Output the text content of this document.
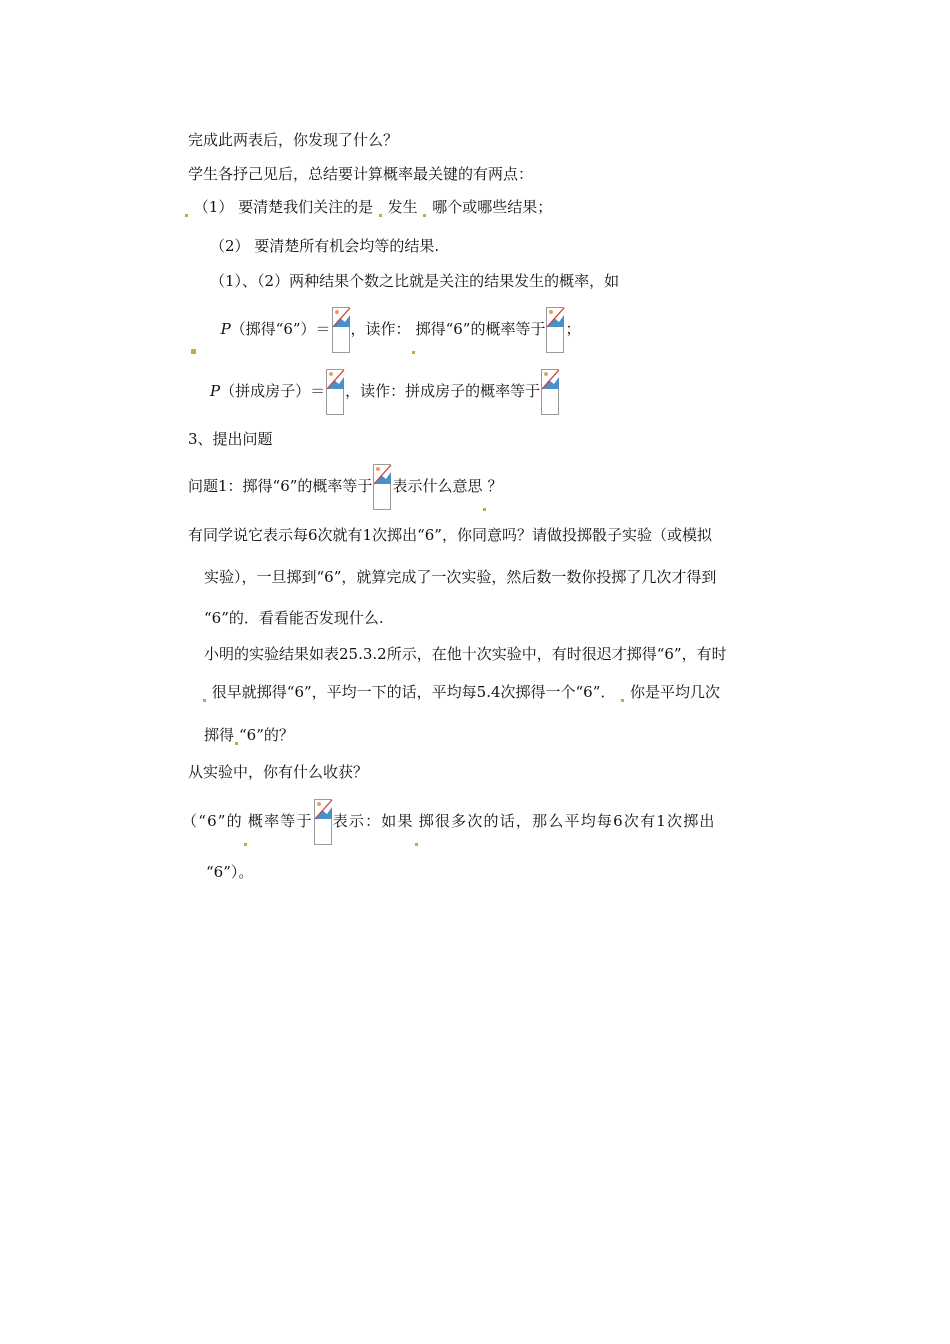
完成此两表后，你发现了什么？
学生各抒己见后，总结要计算概率最关键的有两点：
（1） 要清楚我们关注的是 发生 哪个或哪些结果；
（2） 要清楚所有机会均等的结果.
（1）、（2）两种结果个数之比就是关注的结果发生的概率，如
P（掷得“6”）＝ ，读作： 掷得“6”的概率等于 ；
P（拼成房子）＝ ，读作：拼成房子的概率等于
3、提出问题
问题1：掷得“6”的概率等于 表示什么意思 ？
有同学说它表示每6次就有1次掷出“6”，你同意吗？请做投掷骰子实验（或模拟
实验），一旦掷到“6”，就算完成了一次实验，然后数一数你投掷了几次才得到
“6”的．看看能否发现什么.
小明的实验结果如表25.3.2所示，在他十次实验中，有时很迟才掷得“6”，有时
很早就掷得“6”，平均一下的话，平均每5.4次掷得一个“6”． 你是平均几次
掷得 “6”的？
从实验中，你有什么收获？
（“6”的 概率等于 表示：如果 掷很多次的话，那么平均每6次有1次掷出
“6”）。
